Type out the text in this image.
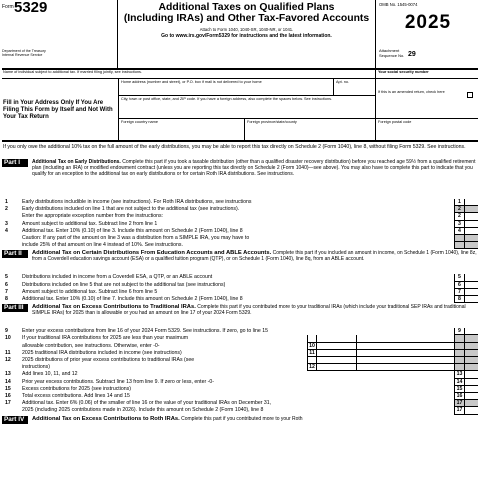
Form 5329
Department of the Treasury
Internal Revenue Service
Additional Taxes on Qualified Plans
(Including IRAs) and Other Tax-Favored Accounts
Attach to Form 1040, 1040-SR, 1040-NR, or 1041.
Go to www.irs.gov/Form5329 for instructions and the latest information.
OMB No. 1545-0074
2025
Attachment
Sequence No. 29
Name of individual subject to additional tax. If married filing jointly, see instructions.	Your social security number
Fill in Your Address Only If You Are Filing This Form by Itself and Not With Your Tax Return
Home address (number and street), or P.O. box if mail is not delivered to your home	Apt. no.
If this is an amended return, check here
City, town or post office, state, and ZIP code. If you have a foreign address, also complete the spaces below. See instructions.
Foreign country name	Foreign province/state/county	Foreign postal code
If you only owe the additional 10% tax on the full amount of the early distributions, you may be able to report this tax directly on Schedule 2 (Form 1040), line 8, without filing Form 5329. See instructions.
Part I	Additional Tax on Early Distributions. Complete this part if you took a taxable distribution (other than a qualified disaster recovery distribution) before you reached age 59½ from a qualified retirement plan (including an IRA) or modified endowment contract (unless you are reporting this tax directly on Schedule 2 (Form 1040)—see above). You may also have to complete this part to indicate that you qualify for an exception to the additional tax on early distributions or for certain Roth IRA distributions. See instructions.
1	Early distributions includible in income (see instructions). For Roth IRA distributions, see instructions	1
2	Early distributions included on line 1 that are not subject to the additional tax (see instructions).	2
Enter the appropriate exception number from the instructions:	2
3	Amount subject to additional tax. Subtract line 2 from line 1	3
4	Additional tax. Enter 10% (0.10) of line 3. Include this amount on Schedule 2 (Form 1040), line 8	4
Caution: If any part of the amount on line 3 was a distribution from a SIMPLE IRA, you may have to
include 25% of that amount on line 4 instead of 10%. See instructions.
Part II	Additional Tax on Certain Distributions From Education Accounts and ABLE Accounts. Complete this part if you included an amount in income, on Schedule 1 (Form 1040), line 8z, from a Coverdell education savings account (ESA) or a qualified tuition program (QTP), or on Schedule 1 (Form 1040), line 8q, from an ABLE account.
5	Distributions included in income from a Coverdell ESA, a QTP, or an ABLE account	5
6	Distributions included on line 5 that are not subject to the additional tax (see instructions)	6
7	Amount subject to additional tax. Subtract line 6 from line 5	7
8	Additional tax. Enter 10% (0.10) of line 7. Include this amount on Schedule 2 (Form 1040), line 8	8
Part III	Additional Tax on Excess Contributions to Traditional IRAs. Complete this part if you contributed more to your traditional IRAs (which include your traditional SEP IRAs and traditional SIMPLE IRAs) for 2025 than is allowable or you had an amount on line 17 of your 2024 Form 5329.
9	Enter your excess contributions from line 16 of your 2024 Form 5329. See instructions. If zero, go to line 15	9
10 If your traditional IRA contributions for 2025 are less than your maximum
allowable contribution, see instructions. Otherwise, enter -0-	10
11 2025 traditional IRA distributions included in income (see instructions)	11
12 2025 distributions of prior year excess contributions to traditional IRAs (see
instructions)	12
13 Add lines 10, 11, and 12	13
14 Prior year excess contributions. Subtract line 13 from line 9. If zero or less, enter -0-	14
15 Excess contributions for 2025 (see instructions)	15
16 Total excess contributions. Add lines 14 and 15	16
17 Additional tax. Enter 6% (0.06) of the smaller of line 16 or the value of your traditional IRAs on December 31,	17
2025 (including 2025 contributions made in 2026). Include this amount on Schedule 2 (Form 1040), line 8	17
Part IV	Additional Tax on Excess Contributions to Roth IRAs. Complete this part if you contributed more to your Roth
